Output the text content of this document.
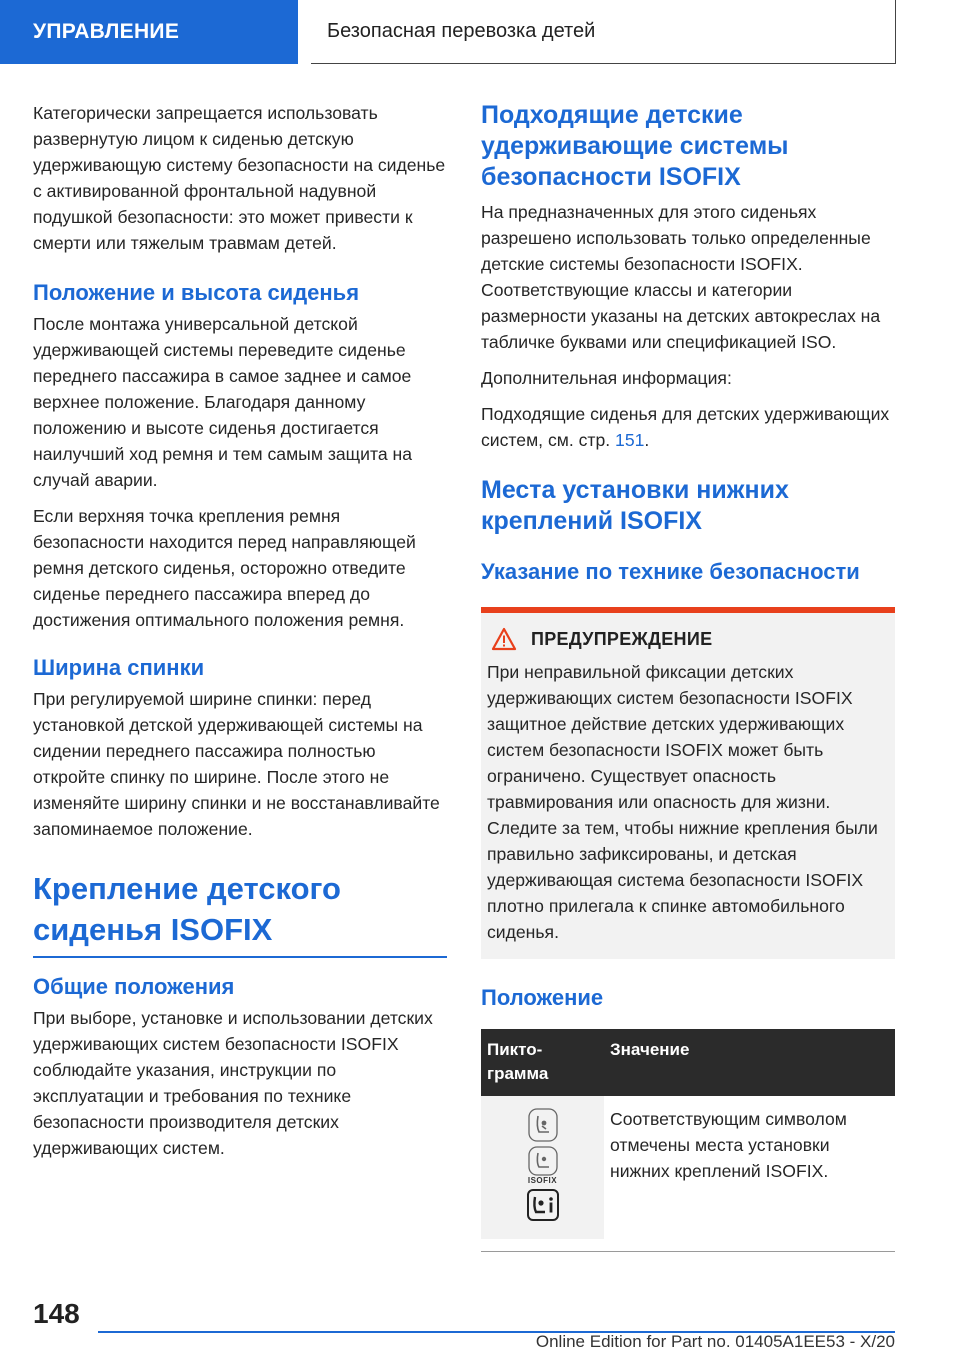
УПРАВЛЕНИЕ	Безопасная перевозка детей

Категорически запрещается использовать развернутую лицом к сиденью детскую удерживающую систему безопасности на сиденье с активированной фронтальной надувной подушкой безопасности: это может привести к смерти или тяжелым травмам детей.

Положение и высота сиденья

После монтажа универсальной детской удерживающей системы переведите сиденье переднего пассажира в самое заднее и самое верхнее положение. Благодаря данному положению и высоте сиденья достигается наилучший ход ремня и тем самым защита на случай аварии.

Если верхняя точка крепления ремня безопасности находится перед направляющей ремня детского сиденья, осторожно отведите сиденье переднего пассажира вперед до достижения оптимального положения ремня.

Ширина спинки

При регулируемой ширине спинки: перед установкой детской удерживающей системы на сидении переднего пассажира полностью откройте спинку по ширине. После этого не изменяйте ширину спинки и не восстанавливайте запоминаемое положение.

Крепление детского сиденья ISOFIX
Общие положения

При выборе, установке и использовании детских удерживающих систем безопасности ISOFIX соблюдайте указания, инструкции по эксплуатации и требования по технике безопасности производителя детских удерживающих систем.

Подходящие детские удерживающие системы безопасности ISOFIX

На предназначенных для этого сиденьях разрешено использовать только определенные детские системы безопасности ISOFIX. Соответствующие классы и категории размерности указаны на детских автокреслах на табличке буквами или спецификацией ISO.

Дополнительная информация:

Подходящие сиденья для детских удерживающих систем, см. стр. 151.

Места установки нижних креплений ISOFIX
Указание по технике безопасности
ПРЕДУПРЕЖДЕНИЕ

При неправильной фиксации детских удерживающих систем безопасности ISOFIX защитное действие детских удерживающих систем безопасности ISOFIX может быть ограничено. Существует опасность травмирования или опасность для жизни. Следите за тем, чтобы нижние крепления были правильно зафиксированы, и детская удерживающая система безопасности ISOFIX плотно прилегала к спинке автомобильного сиденья.

Положение
Пикто-
грамма	Значение

ISOFIX	Соответствующим символом отмечены места установки нижних креплений ISOFIX.

148
Online Edition for Part no. 01405A1EE53 - X/20
